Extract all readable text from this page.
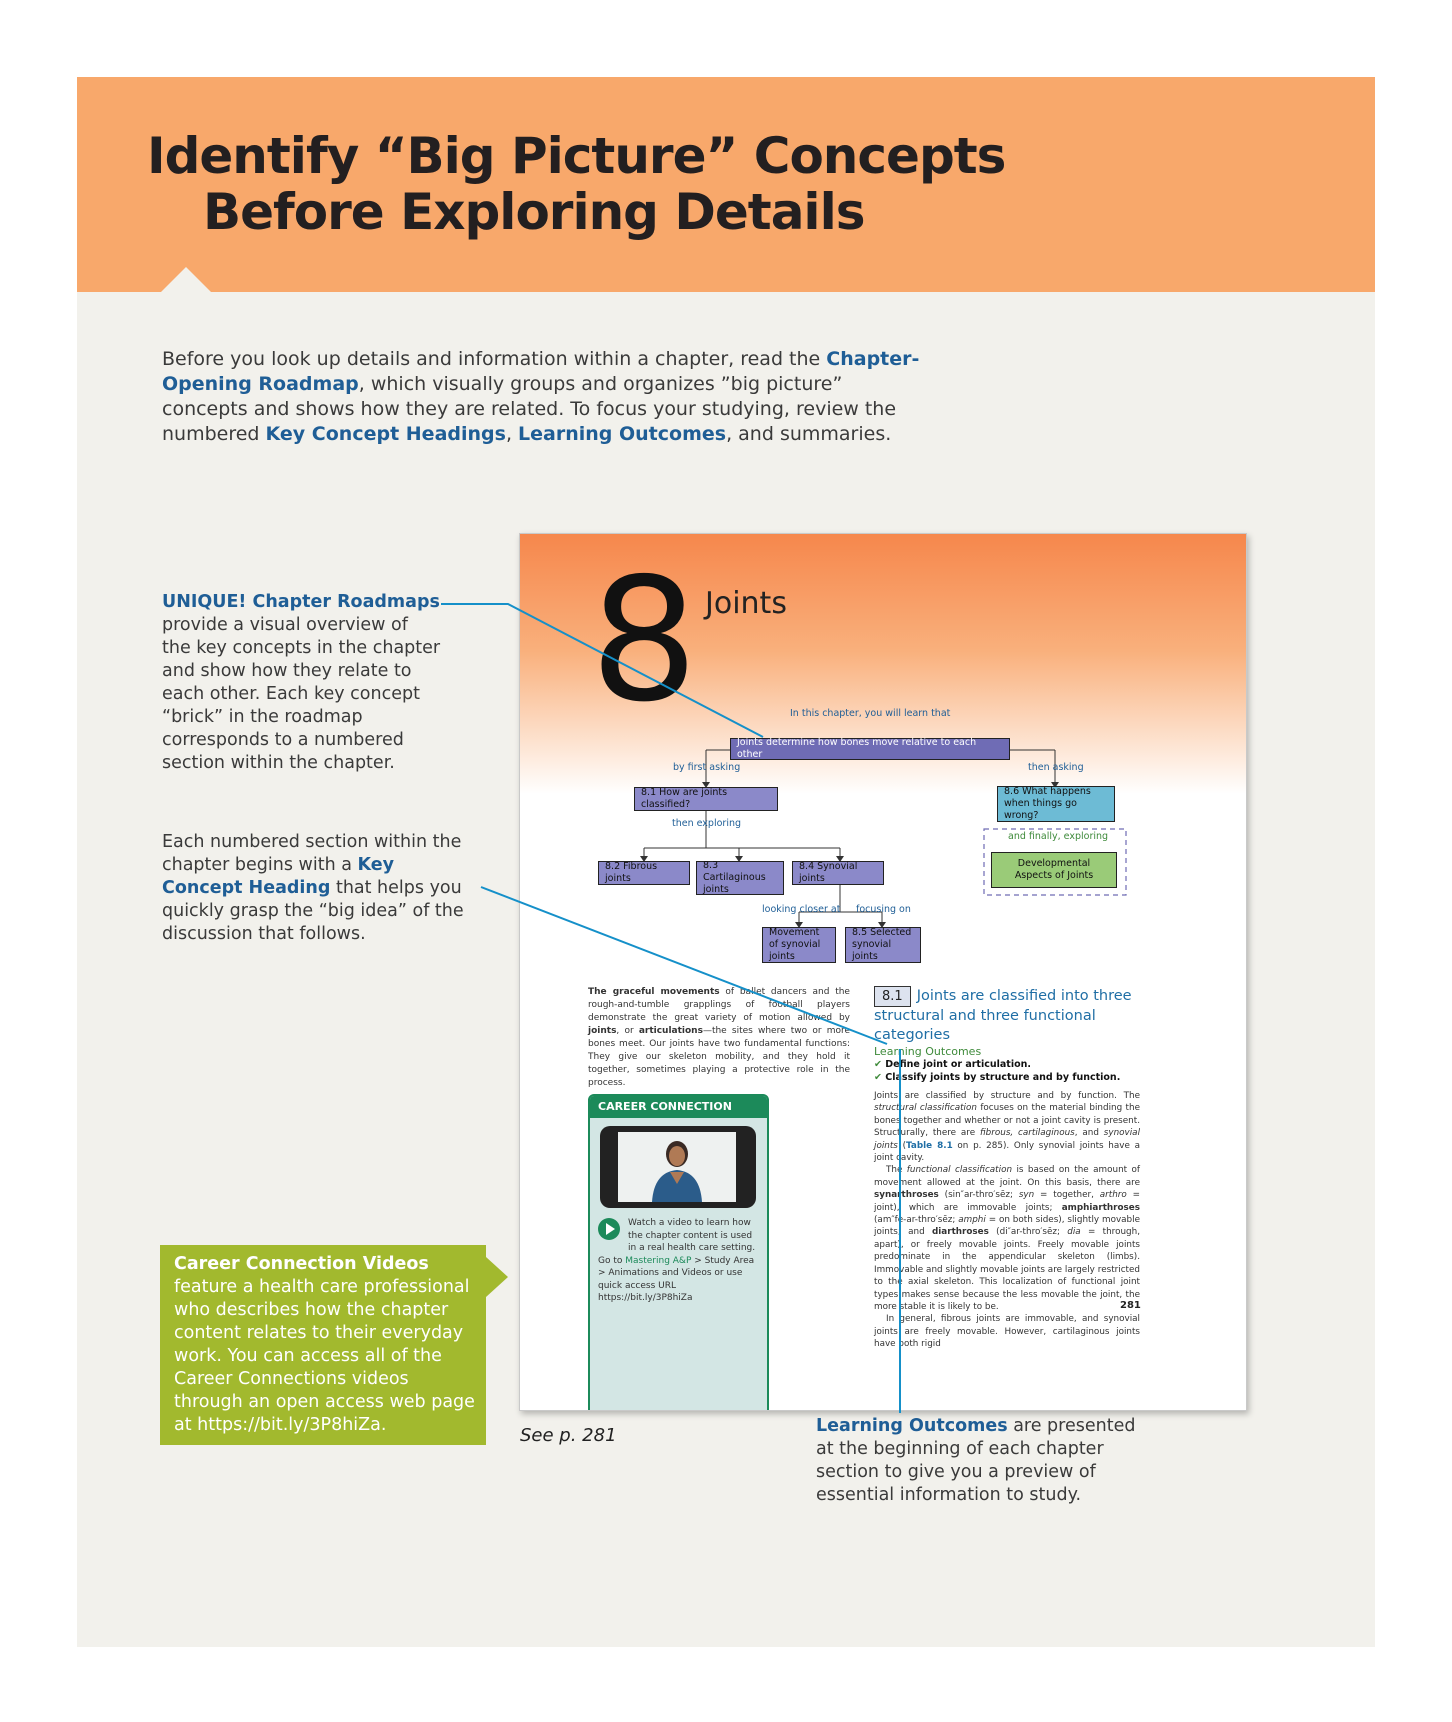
Identify “Big Picture” Concepts
Before Exploring Details
Before you look up details and information within a chapter, read the Chapter-Opening Roadmap, which visually groups and organizes ”big picture” concepts and shows how they are related. To focus your studying, review the numbered Key Concept Headings, Learning Outcomes, and summaries.
UNIQUE! Chapter Roadmaps
provide a visual overview of the key concepts in the chapter and show how they relate to each other. Each key concept “brick” in the roadmap corresponds to a numbered section within the chapter.
Each numbered section within the chapter begins with a Key Concept Heading that helps you quickly grasp the “big idea” of the discussion that follows.
Career Connection Videos
feature a health care professional who describes how the chapter content relates to their everyday work. You can access all of the Career Connections videos through an open access web page at https://bit.ly/3P8hiZa.	Learning Outcomes are presented at the beginning of each chapter section to give you a preview of essential information to study.
8 Joints
In this chapter, you will learn that
Joints determine how bones move relative to each other
by first asking	then asking
8.1 How are joints classified?
8.6 What happens when things go wrong?
then exploring
and finally, exploring
Developmental Aspects of Joints
8.2 Fibrous joints
8.3 Cartilaginous joints
8.4 Synovial joints
looking closer at focusing on
Movement of synovial joints
8.5 Selected synovial joints
The graceful movements of ballet dancers and the rough-and-tumble grapplings of football players demonstrate the great variety of motion allowed by joints, or articulations—the sites where two or more bones meet. Our joints have two fundamental functions: They give our skeleton mobility, and they hold it together, sometimes playing a protective role in the process.
CAREER CONNECTION
Watch a video to learn how the chapter content is used in a real health care setting.
Go to Mastering A&P > Study Area > Animations and Videos or use quick access URL https://bit.ly/3P8hiZa
8.1 Joints are classified into three structural and three functional categories
Learning Outcomes
✔ Define joint or articulation.
✔ Classify joints by structure and by function.
Joints are classified by structure and by function. The structural classification focuses on the material binding the bones together and whether or not a joint cavity is present. Structurally, there are fibrous, cartilaginous, and synovial joints (Table 8.1 on p. 285). Only synovial joints have a joint cavity.
The functional classification is based on the amount of movement allowed at the joint. On this basis, there are synarthroses (sin″ar-thro′sēz; syn = together, arthro = joint), which are immovable joints; amphiarthroses (am″fe-ar-thro′sēz; amphi = on both sides), slightly movable joints; and diarthroses (di″ar-thro′sēz; dia = through, apart), or freely movable joints. Freely movable joints predominate in the appendicular skeleton (limbs). Immovable and slightly movable joints are largely restricted to the axial skeleton. This localization of functional joint types makes sense because the less movable the joint, the more stable it is likely to be.
In general, fibrous joints are immovable, and synovial joints are freely movable. However, cartilaginous joints have both rigid
281
See p. 281
